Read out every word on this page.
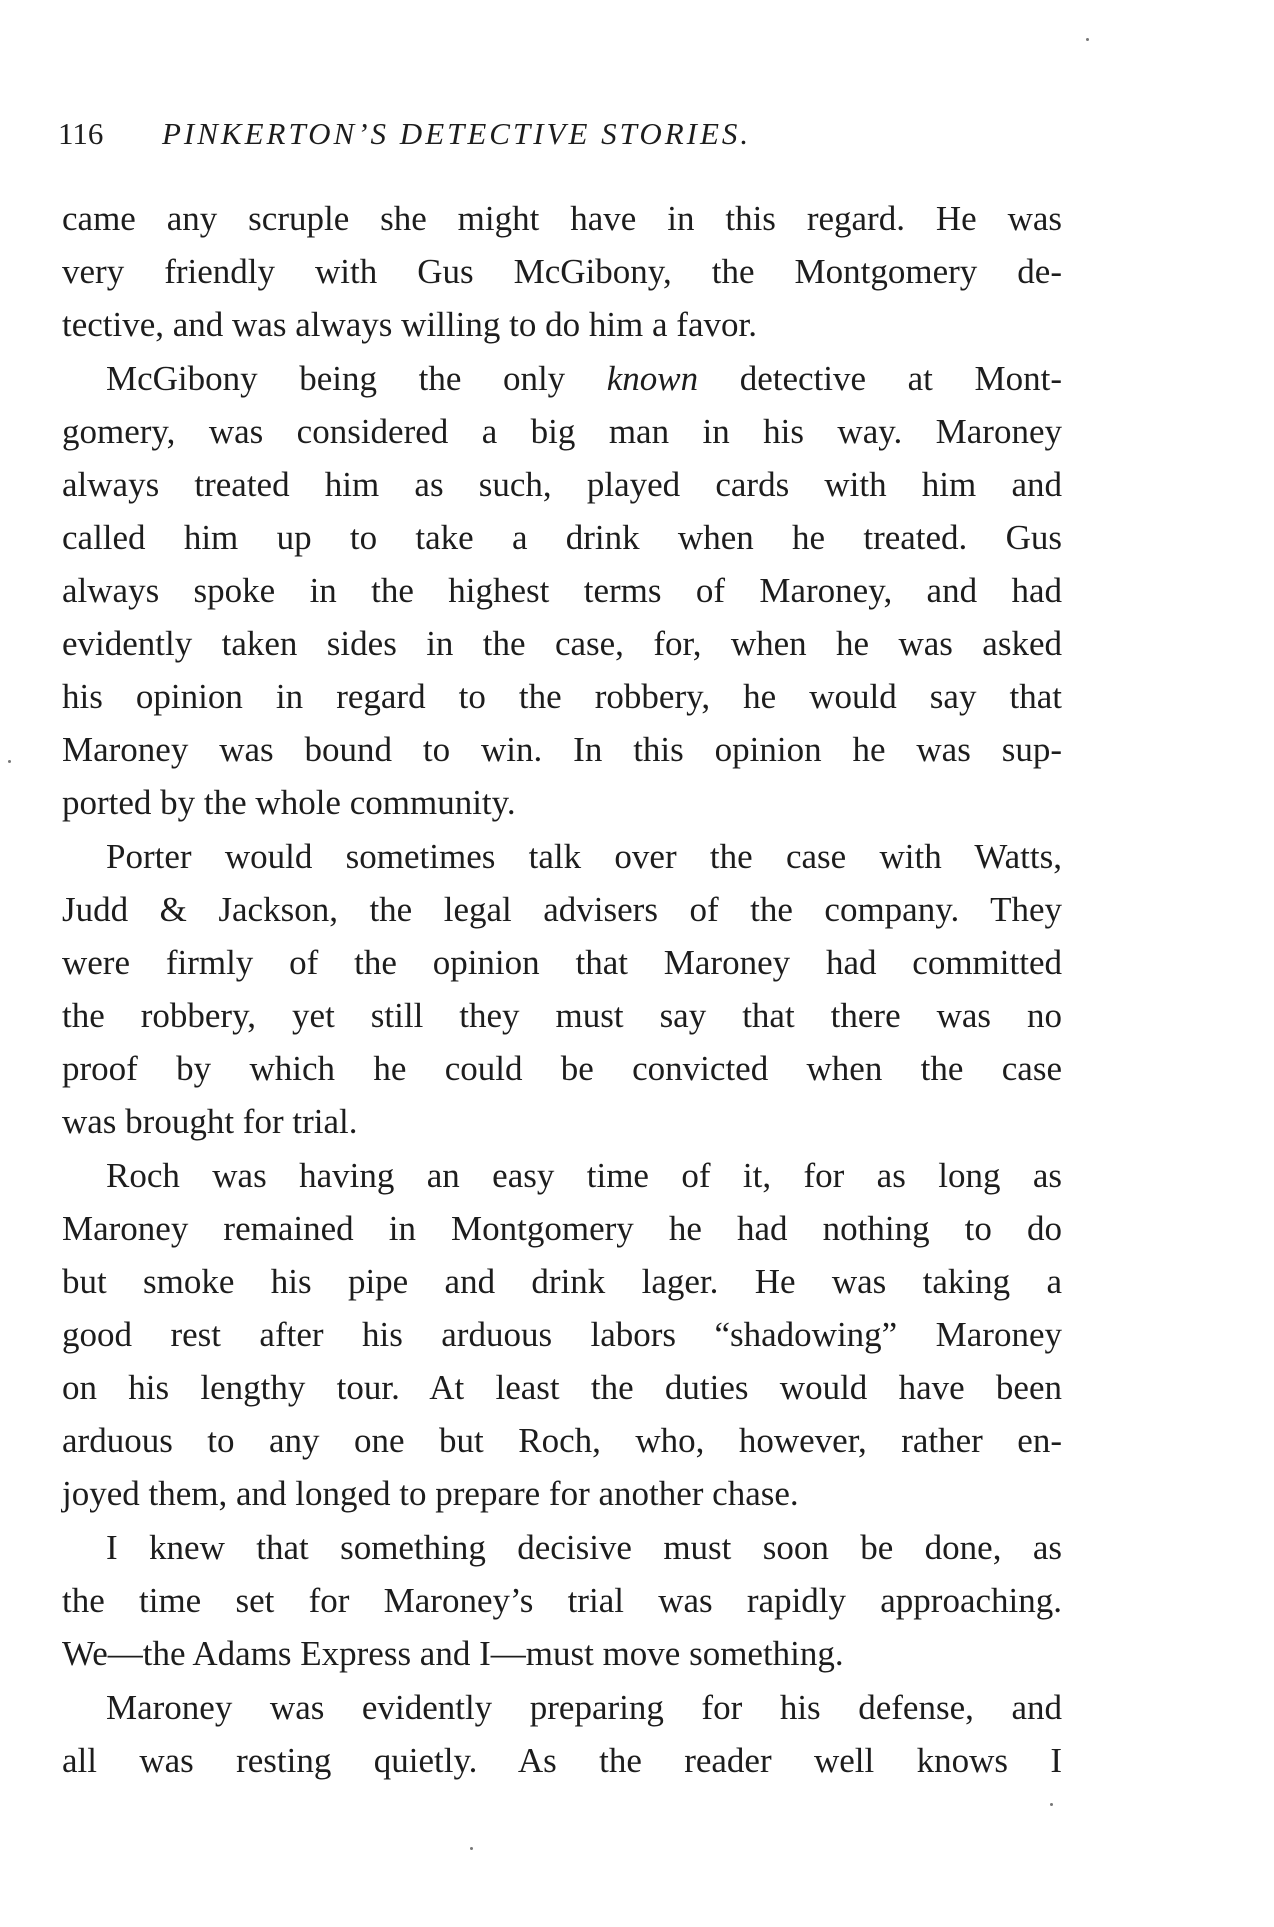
116 PINKERTON’S DETECTIVE STORIES.
came any scruple she might have in this regard. He was
very friendly with Gus McGibony, the Montgomery de-
tective, and was always willing to do him a favor.
McGibony being the only known detective at Mont-
gomery, was considered a big man in his way. Maroney
always treated him as such, played cards with him and
called him up to take a drink when he treated. Gus
always spoke in the highest terms of Maroney, and had
evidently taken sides in the case, for, when he was asked
his opinion in regard to the robbery, he would say that
Maroney was bound to win. In this opinion he was sup-
ported by the whole community.
Porter would sometimes talk over the case with Watts,
Judd & Jackson, the legal advisers of the company. They
were firmly of the opinion that Maroney had committed
the robbery, yet still they must say that there was no
proof by which he could be convicted when the case
was brought for trial.
Roch was having an easy time of it, for as long as
Maroney remained in Montgomery he had nothing to do
but smoke his pipe and drink lager. He was taking a
good rest after his arduous labors “shadowing” Maroney
on his lengthy tour. At least the duties would have been
arduous to any one but Roch, who, however, rather en-
joyed them, and longed to prepare for another chase.
I knew that something decisive must soon be done, as
the time set for Maroney’s trial was rapidly approaching.
We—the Adams Express and I—must move something.
Maroney was evidently preparing for his defense, and
all was resting quietly. As the reader well knows I
